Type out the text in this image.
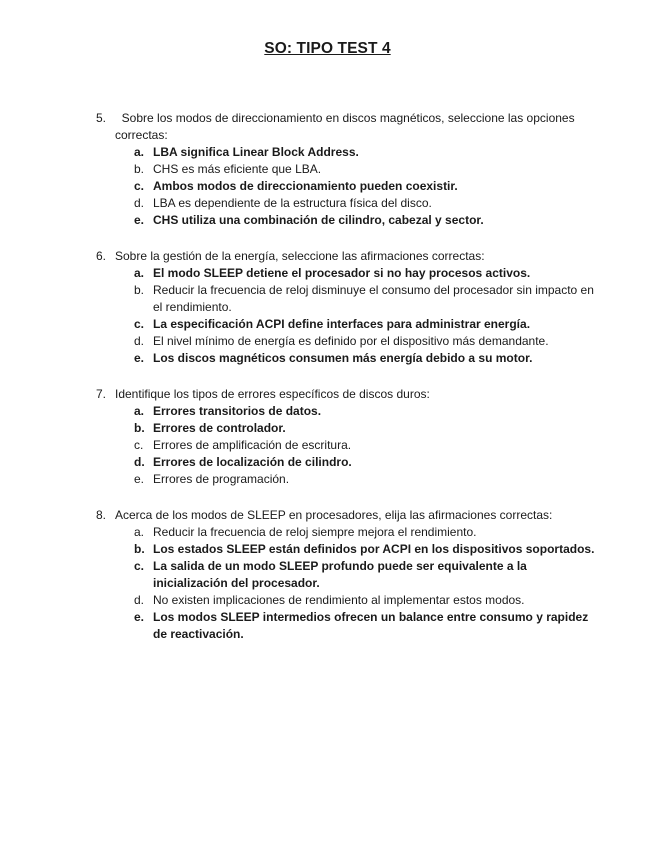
SO: TIPO TEST 4
5. Sobre los modos de direccionamiento en discos magnéticos, seleccione las opciones correctas:
a. LBA significa Linear Block Address.
b. CHS es más eficiente que LBA.
c. Ambos modos de direccionamiento pueden coexistir.
d. LBA es dependiente de la estructura física del disco.
e. CHS utiliza una combinación de cilindro, cabezal y sector.
6. Sobre la gestión de la energía, seleccione las afirmaciones correctas:
a. El modo SLEEP detiene el procesador si no hay procesos activos.
b. Reducir la frecuencia de reloj disminuye el consumo del procesador sin impacto en el rendimiento.
c. La especificación ACPI define interfaces para administrar energía.
d. El nivel mínimo de energía es definido por el dispositivo más demandante.
e. Los discos magnéticos consumen más energía debido a su motor.
7. Identifique los tipos de errores específicos de discos duros:
a. Errores transitorios de datos.
b. Errores de controlador.
c. Errores de amplificación de escritura.
d. Errores de localización de cilindro.
e. Errores de programación.
8. Acerca de los modos de SLEEP en procesadores, elija las afirmaciones correctas:
a. Reducir la frecuencia de reloj siempre mejora el rendimiento.
b. Los estados SLEEP están definidos por ACPI en los dispositivos soportados.
c. La salida de un modo SLEEP profundo puede ser equivalente a la inicialización del procesador.
d. No existen implicaciones de rendimiento al implementar estos modos.
e. Los modos SLEEP intermedios ofrecen un balance entre consumo y rapidez de reactivación.
